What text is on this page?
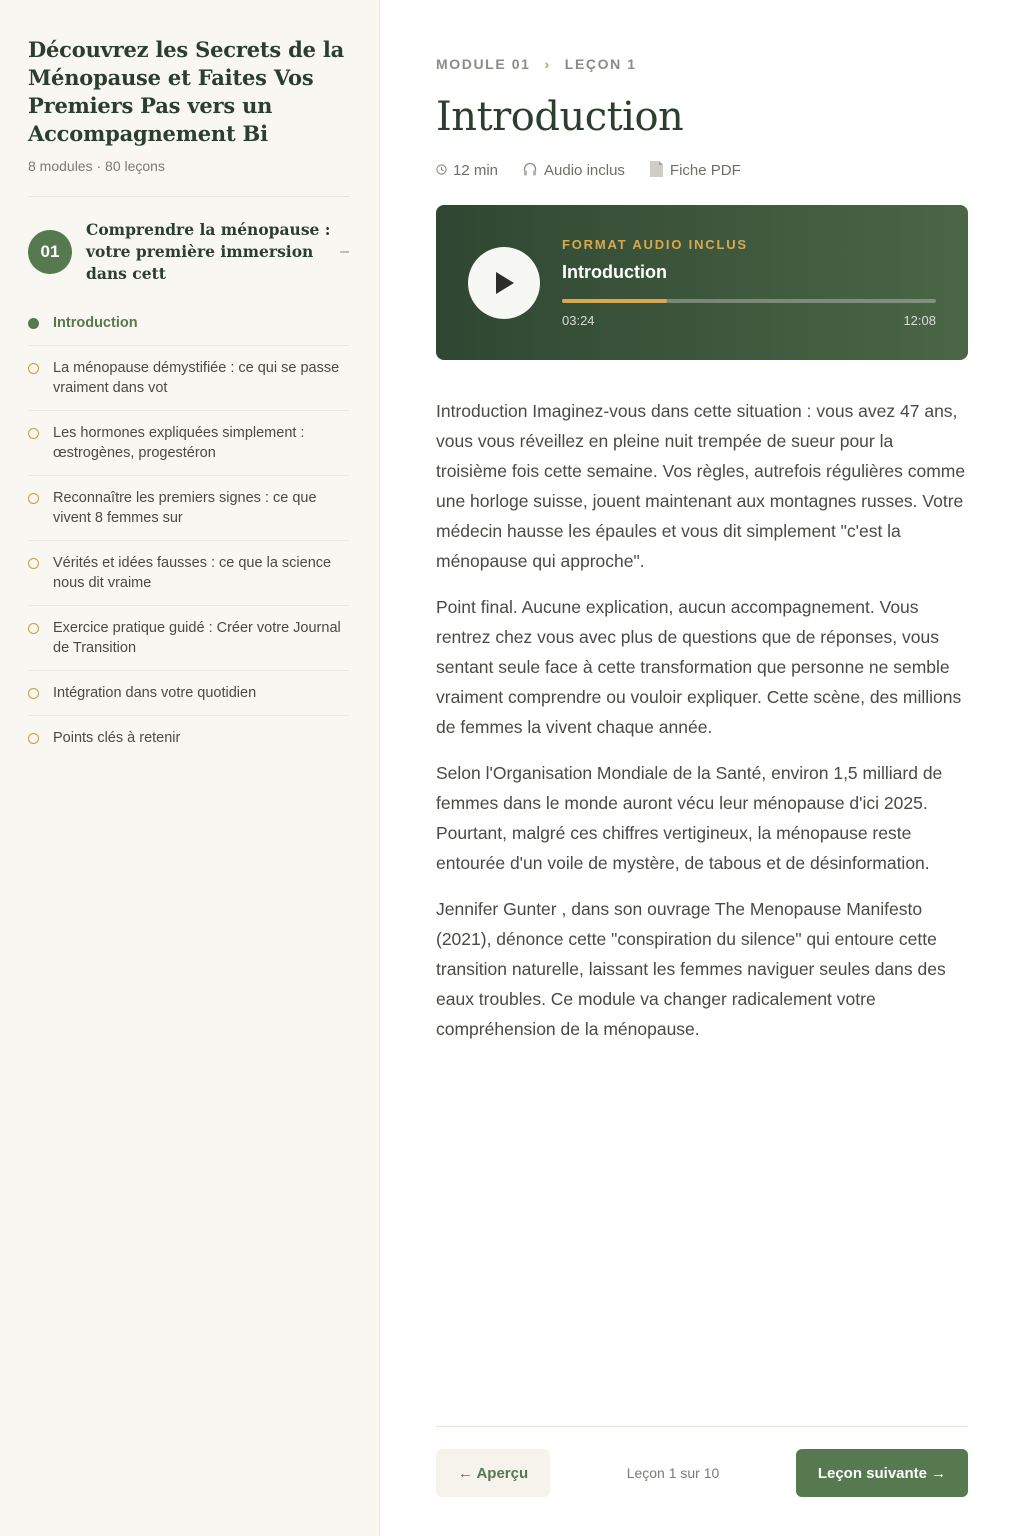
Découvrez les Secrets de la Ménopause et Faites Vos Premiers Pas vers un Accompagnement Bi
8 modules · 80 leçons
01
Comprendre la ménopause : votre première immersion dans cett
–
Introduction
La ménopause démystifiée : ce qui se passe vraiment dans vot
Les hormones expliquées simplement : œstrogènes, progestéron
Reconnaître les premiers signes : ce que vivent 8 femmes sur
Vérités et idées fausses : ce que la science nous dit vraime
Exercice pratique guidé : Créer votre Journal de Transition
Intégration dans votre quotidien
Points clés à retenir
MODULE 01 › LEÇON 1
Introduction
12 min	Audio inclus	Fiche PDF
FORMAT AUDIO INCLUS
Introduction
03:24	12:08

Introduction Imaginez-vous dans cette situation : vous avez 47 ans, vous vous réveillez en pleine nuit trempée de sueur pour la troisième fois cette semaine. Vos règles, autrefois régulières comme une horloge suisse, jouent maintenant aux montagnes russes. Votre médecin hausse les épaules et vous dit simplement "c'est la ménopause qui approche".

Point final. Aucune explication, aucun accompagnement. Vous rentrez chez vous avec plus de questions que de réponses, vous sentant seule face à cette transformation que personne ne semble vraiment comprendre ou vouloir expliquer. Cette scène, des millions de femmes la vivent chaque année.

Selon l'Organisation Mondiale de la Santé, environ 1,5 milliard de femmes dans le monde auront vécu leur ménopause d'ici 2025. Pourtant, malgré ces chiffres vertigineux, la ménopause reste entourée d'un voile de mystère, de tabous et de désinformation.

Jennifer Gunter , dans son ouvrage The Menopause Manifesto (2021), dénonce cette "conspiration du silence" qui entoure cette transition naturelle, laissant les femmes naviguer seules dans des eaux troubles. Ce module va changer radicalement votre compréhension de la ménopause.

← Aperçu	Leçon 1 sur 10	Leçon suivante →
